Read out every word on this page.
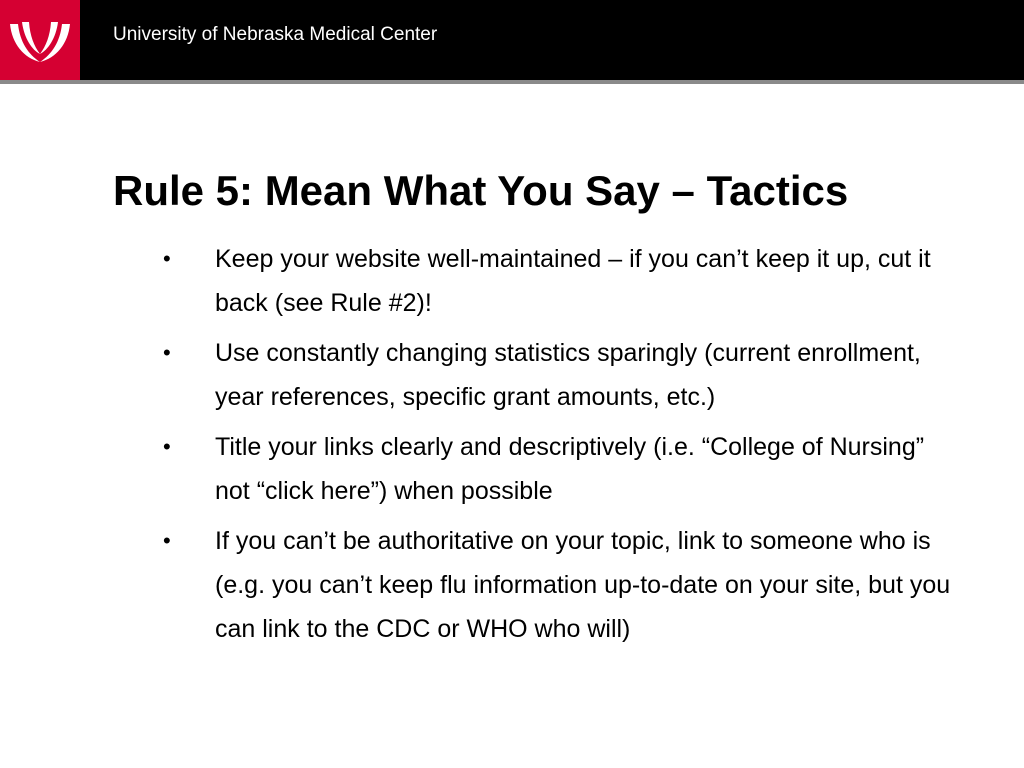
University of Nebraska Medical Center
Rule 5: Mean What You Say – Tactics
•	Keep your website well-maintained – if you can’t keep it up, cut it back (see Rule #2)!
•	Use constantly changing statistics sparingly (current enrollment, year references, specific grant amounts, etc.)
•	Title your links clearly and descriptively (i.e. “College of Nursing” not “click here”) when possible
•	If you can’t be authoritative on your topic, link to someone who is (e.g. you can’t keep flu information up-to-date on your site, but you can link to the CDC or WHO who will)
